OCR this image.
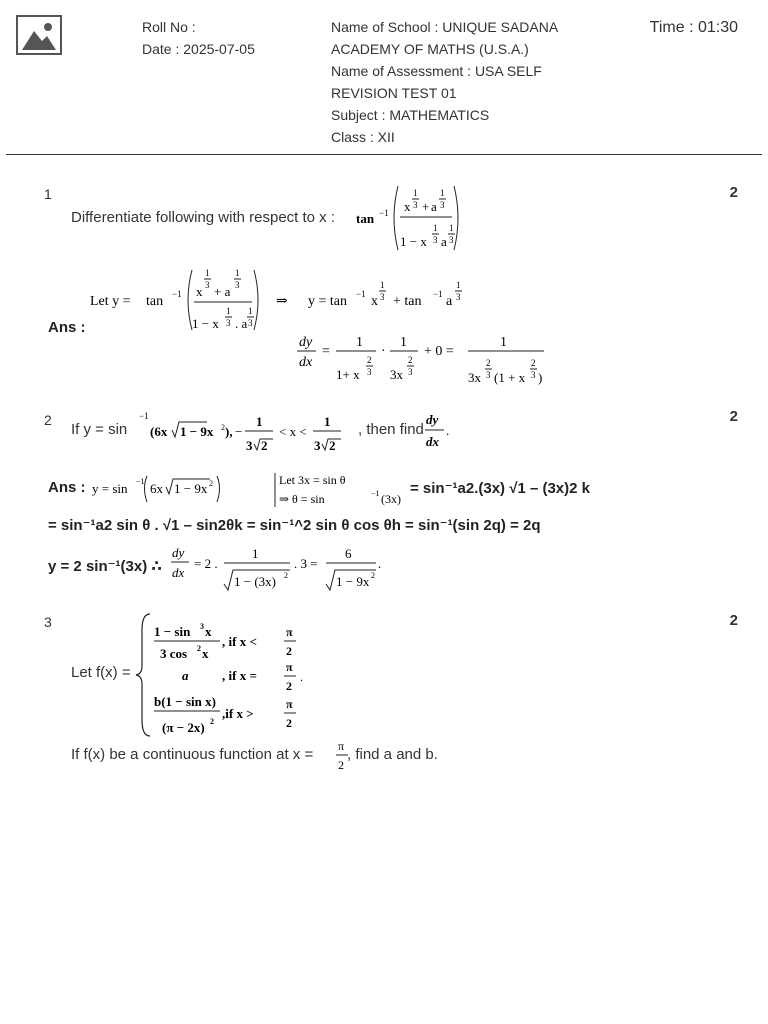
Roll No :
Date : 2025-07-05
Name of School : UNIQUE SADANA
ACADEMY OF MATHS (U.S.A.)
Name of Assessment : USA SELF
REVISION TEST 01
Subject : MATHEMATICS
Class : XII
Time : 01:30
1	2
Differentiate following with respect to x : tan −1 x
1
3 + a
1
3
1 − x
1
3 a
1
3
Ans :
Let y = tan −1 x
1
3 + a
1
3
1 − x
1
3 . a
1
3
⇒ y = tan −1 x
1
3 + tan −1 a
1
3
dy
dx
=
1
1+ x
2
3
·
1
3x
2
3
+ 0 =
1
3x
2
3 (1 + x
2
3 )
2	2
If y = sin
−1
(6x 1 − 9x 2 ), −
1
3 2
< x <
1
3 2
, then find
dy
dx
.
Ans : y = sin −1 6x 1 − 9x 2	Let 3x = sin θ
⇒ θ = sin	−1 (3x)
= sin⁻¹a2.(3x) √1 – (3x)2 k
= sin⁻¹a2 sin θ . √1 – sin2θk = sin⁻¹^2 sin θ cos θh = sin⁻¹(sin 2q) = 2q
y = 2 sin⁻¹(3x) ∴
dy
dx
= 2 .
1
1 − (3x) 2
. 3 =
6
1 − 9x 2
.
3	2
Let f(x) =
1 − sin 3 x
3 cos 2 x
, if x <
π
2
a	, if x =
π
2
.
b(1 − sin x)
(π − 2x) 2
,if x >
π
2
If f(x) be a continuous function at x = π
2
, find a and b.
